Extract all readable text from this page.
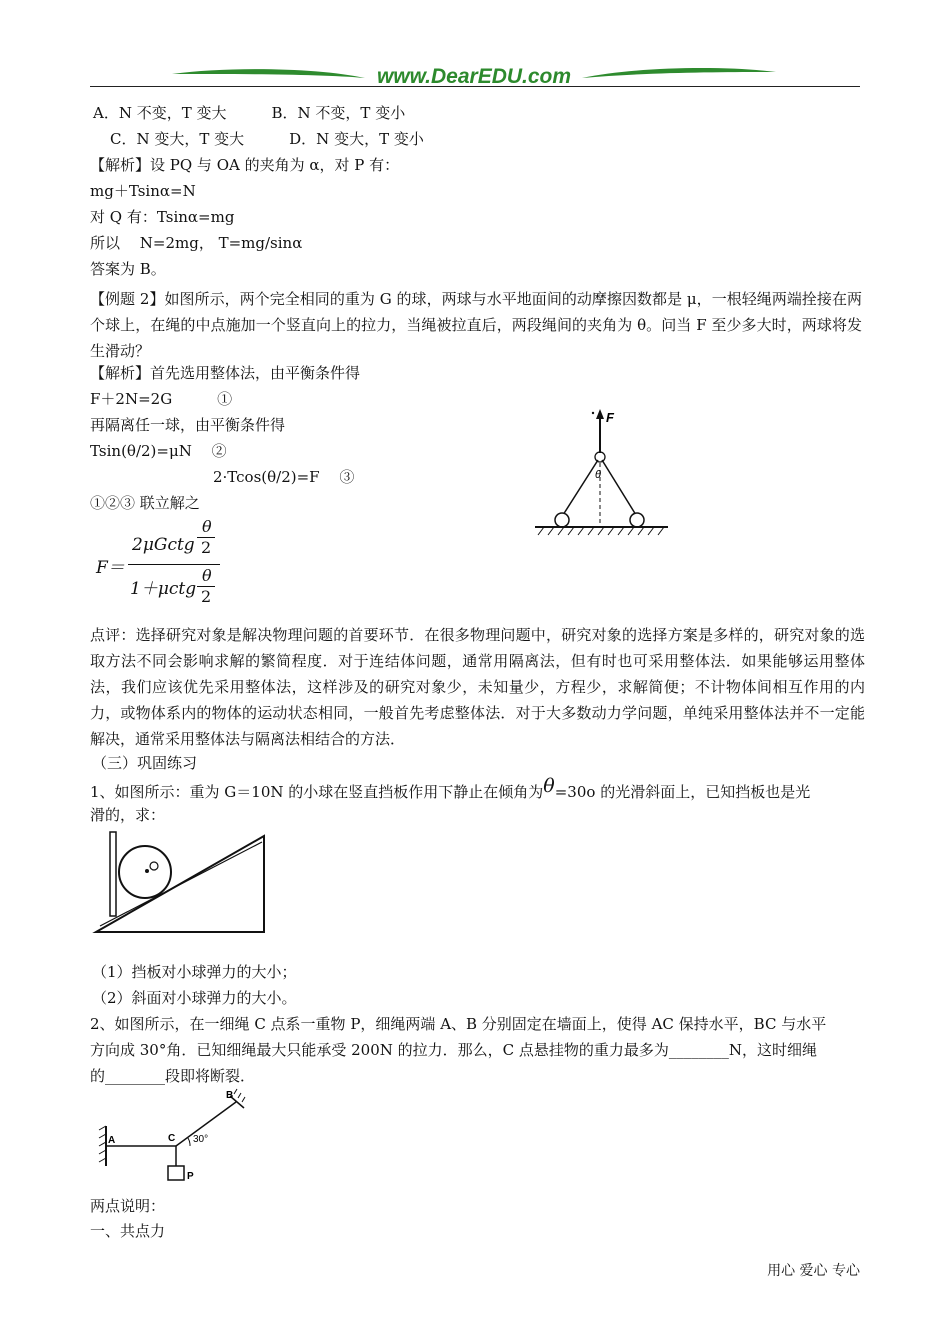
www.DearEDU.com
A．N 不变，T 变大　　　B．N 不变，T 变小
C．N 变大，T 变大　　　D．N 变大，T 变小
【解析】设 PQ 与 OA 的夹角为 α，对 P 有：
mg＋Tsinα=N
对 Q 有：Tsinα=mg
所以　 N=2mg， T=mg/sinα
答案为 B。
【例题 2】如图所示，两个完全相同的重为 G 的球，两球与水平地面间的动摩擦因数都是 μ，一根轻绳两端拴接在两个球上，在绳的中点施加一个竖直向上的拉力，当绳被拉直后，两段绳间的夹角为 θ。问当 F 至少多大时，两球将发生滑动？
【解析】首先选用整体法，由平衡条件得
F＋2N=2G　　　①
再隔离任一球，由平衡条件得
Tsin(θ/2)=μN　 ②
2·Tcos(θ/2)=F　 ③
①②③ 联立解之
F＝
2μGctg
θ
2
1＋μctg
θ
2
F
θ
点评：选择研究对象是解决物理问题的首要环节．在很多物理问题中，研究对象的选择方案是多样的，研究对象的选取方法不同会影响求解的繁简程度．对于连结体问题，通常用隔离法，但有时也可采用整体法．如果能够运用整体法，我们应该优先采用整体法，这样涉及的研究对象少，未知量少，方程少，求解简便；不计物体间相互作用的内力，或物体系内的物体的运动状态相同，一般首先考虑整体法．对于大多数动力学问题，单纯采用整体法并不一定能解决，通常采用整体法与隔离法相结合的方法．
（三）巩固练习
1、如图所示：重为 G＝10N 的小球在竖直挡板作用下静止在倾角为θ=30o 的光滑斜面上，已知挡板也是光
滑的，求：
（1）挡板对小球弹力的大小；
（2）斜面对小球弹力的大小。
2、如图所示，在一细绳 C 点系一重物 P，细绳两端 A、B 分别固定在墙面上，使得 AC 保持水平，BC 与水平
方向成 30°角．已知细绳最大只能承受 200N 的拉力．那么，C 点悬挂物的重力最多为________N，这时细绳
的________段即将断裂．
A
B
C 30°
P
两点说明：
一、共点力
用心 爱心 专心
